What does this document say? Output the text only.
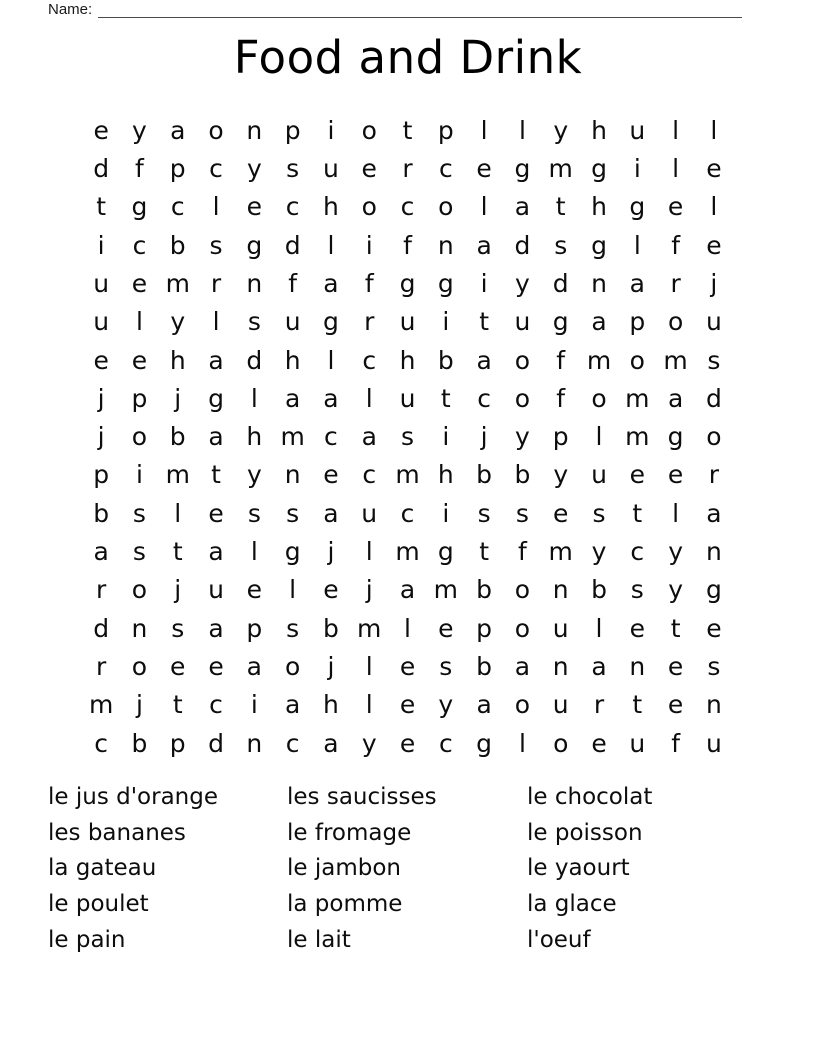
Name:
Food and Drink
e y a o n p	i	o	t	p	l	l	y h u	l	l
d	f	p c y s u e	r	c e g m g	i	l	e
t	g c	l	e c h o c o	l	a	t	h g e	l
i	c b s g d	l	i	f	n a d s g	l	f	e
u e m r	n	f	a	f	g g	i	y d n a	r	j
u	l	y	l	s u g	r	u	i	t	u g a p o u
e e h a d h	l	c h b a o	f m o m s
j	p	j	g	l	a a	l	u	t	c o	f	o m a d
j	o b a h m c a s	i	j	y p	l m g o
p	i m t	y n e c m h b b y u e e	r
b s	l	e s	s a u c	i	s	s e s	t	l	a
a s	t	a	l	g	j	l m g	t	f m y c y n
r	o	j	u e	l	e	j	a m b o n b s y g
d n s a p s b m l	e p o u	l	e	t	e
r	o e e a o	j	l	e s b a n a n e s
m j	t	c	i	a h	l	e y a o u	r	t	e n
c b p d n c a y e c g	l	o e u	f	u
le jus d'orange
les bananes
la gateau
le poulet
le pain
les saucisses
le fromage
le jambon
la pomme
le lait
le chocolat
le poisson
le yaourt
la glace
l'oeuf
